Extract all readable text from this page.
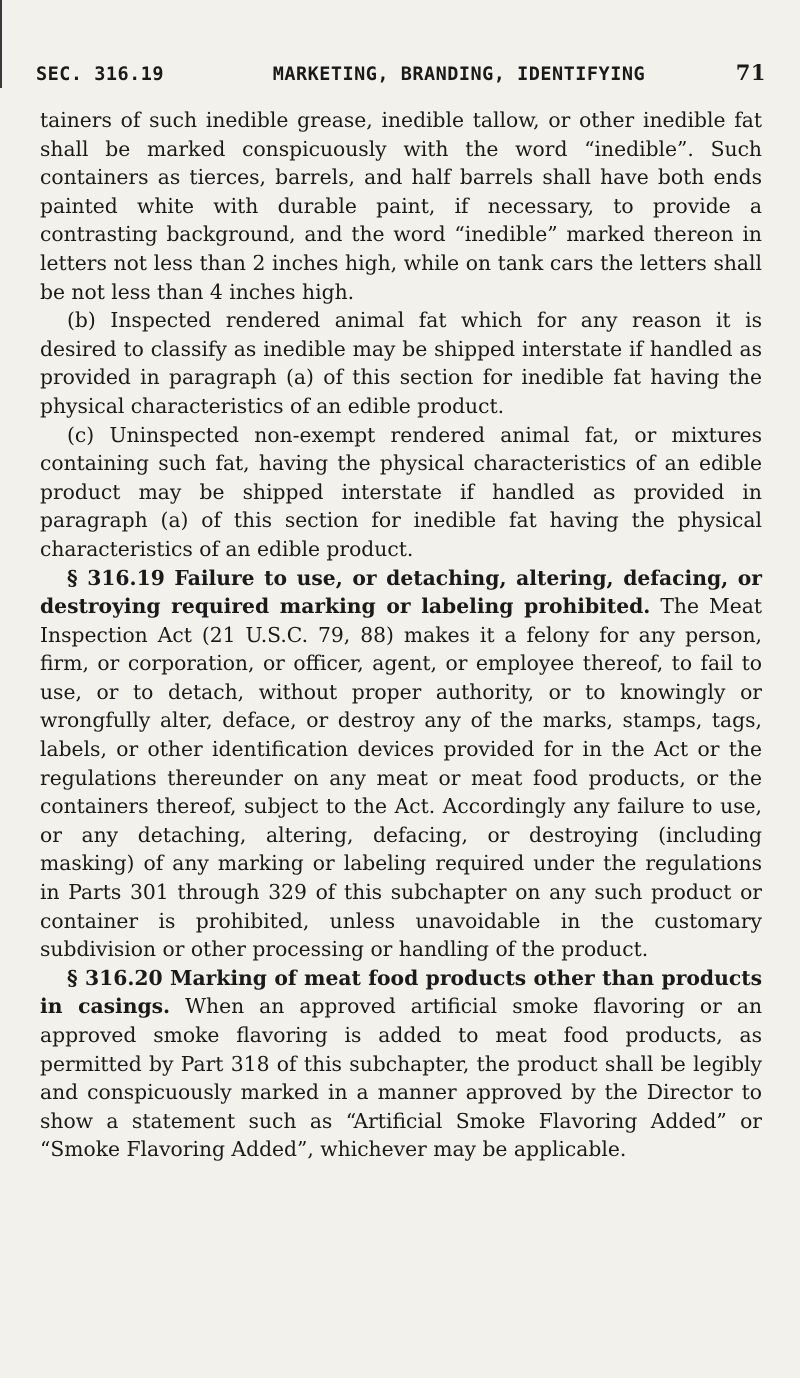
SEC. 316.19	MARKETING, BRANDING, IDENTIFYING	71

tainers of such inedible grease, inedible tallow, or other inedible fat shall be marked conspicuously with the word “inedible”. Such containers as tierces, barrels, and half barrels shall have both ends painted white with durable paint, if necessary, to provide a contrasting background, and the word “inedible” marked thereon in letters not less than 2 inches high, while on tank cars the letters shall be not less than 4 inches high.

(b) Inspected rendered animal fat which for any reason it is desired to classify as inedible may be shipped interstate if handled as provided in paragraph (a) of this section for inedible fat having the physical characteristics of an edible product.

(c) Uninspected non-exempt rendered animal fat, or mixtures containing such fat, having the physical characteristics of an edible product may be shipped interstate if handled as provided in paragraph (a) of this section for inedible fat having the physical characteristics of an edible product.

§ 316.19 Failure to use, or detaching, altering, defacing, or destroying required marking or labeling prohibited. The Meat Inspection Act (21 U.S.C. 79, 88) makes it a felony for any person, firm, or corporation, or officer, agent, or employee thereof, to fail to use, or to detach, without proper authority, or to knowingly or wrongfully alter, deface, or destroy any of the marks, stamps, tags, labels, or other identification devices provided for in the Act or the regulations thereunder on any meat or meat food products, or the containers thereof, subject to the Act. Accordingly any failure to use, or any detaching, altering, defacing, or destroying (including masking) of any marking or labeling required under the regulations in Parts 301 through 329 of this subchapter on any such product or container is prohibited, unless unavoidable in the customary subdivision or other processing or handling of the product.

§ 316.20 Marking of meat food products other than products in casings. When an approved artificial smoke flavoring or an approved smoke flavoring is added to meat food products, as permitted by Part 318 of this subchapter, the product shall be legibly and conspicuously marked in a manner approved by the Director to show a statement such as “Artificial Smoke Flavoring Added” or “Smoke Flavoring Added”, whichever may be applicable.
